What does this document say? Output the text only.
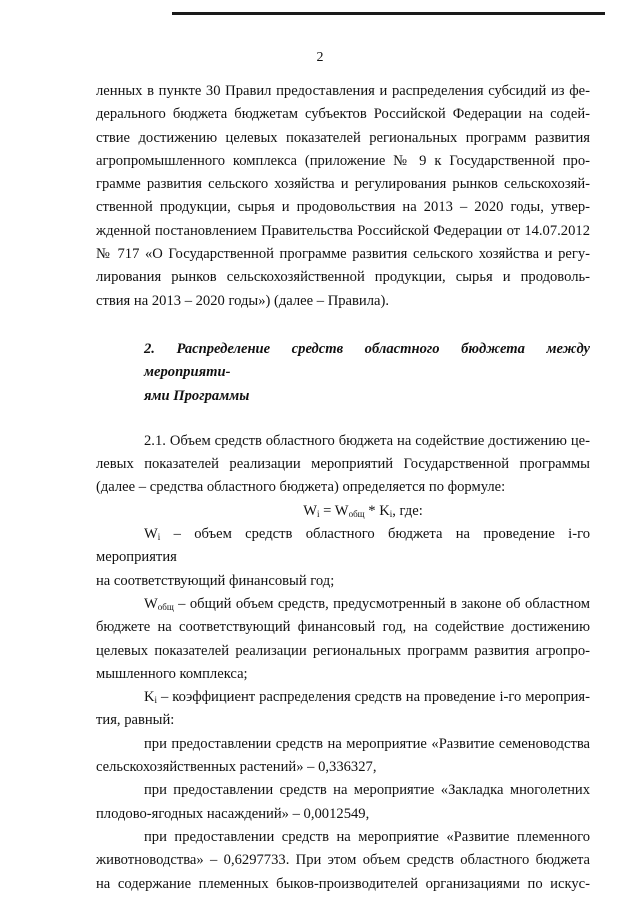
2

ленных в пункте 30 Правил предоставления и распределения субсидий из фе-

дерального бюджета бюджетам субъектов Российской Федерации на содей-

ствие достижению целевых показателей региональных программ развития

агропромышленного комплекса (приложение № 9 к Государственной про-

грамме развития сельского хозяйства и регулирования рынков сельскохозяй-

ственной продукции, сырья и продовольствия на 2013 – 2020 годы, утвер-

жденной постановлением Правительства Российской Федерации от 14.07.2012

№ 717 «О Государственной программе развития сельского хозяйства и регу-

лирования рынков сельскохозяйственной продукции, сырья и продоволь-

ствия на 2013 – 2020 годы») (далее – Правила).

2. Распределение средств областного бюджета между мероприяти-
ями Программы

2.1. Объем средств областного бюджета на содействие достижению це-

левых показателей реализации мероприятий Государственной программы

(далее – средства областного бюджета) определяется по формуле:

$W_i = W_{общ} * K_i$, где:

$W_i$ – объем средств областного бюджета на проведение i-го мероприятия

на соответствующий финансовый год;

$W_{общ}$ – общий объем средств, предусмотренный в законе об областном

бюджете на соответствующий финансовый год, на содействие достижению

целевых показателей реализации региональных программ развития агропро-

мышленного комплекса;

$K_i$ – коэффициент распределения средств на проведение i-го мероприя-

тия, равный:

при предоставлении средств на мероприятие «Развитие семеноводства

сельскохозяйственных растений» – 0,336327,

при предоставлении средств на мероприятие «Закладка многолетних

плодово-ягодных насаждений» – 0,0012549,

при предоставлении средств на мероприятие «Развитие племенного

животноводства» – 0,6297733. При этом объем средств областного бюджета

на содержание племенных быков-производителей организациями по искус-
